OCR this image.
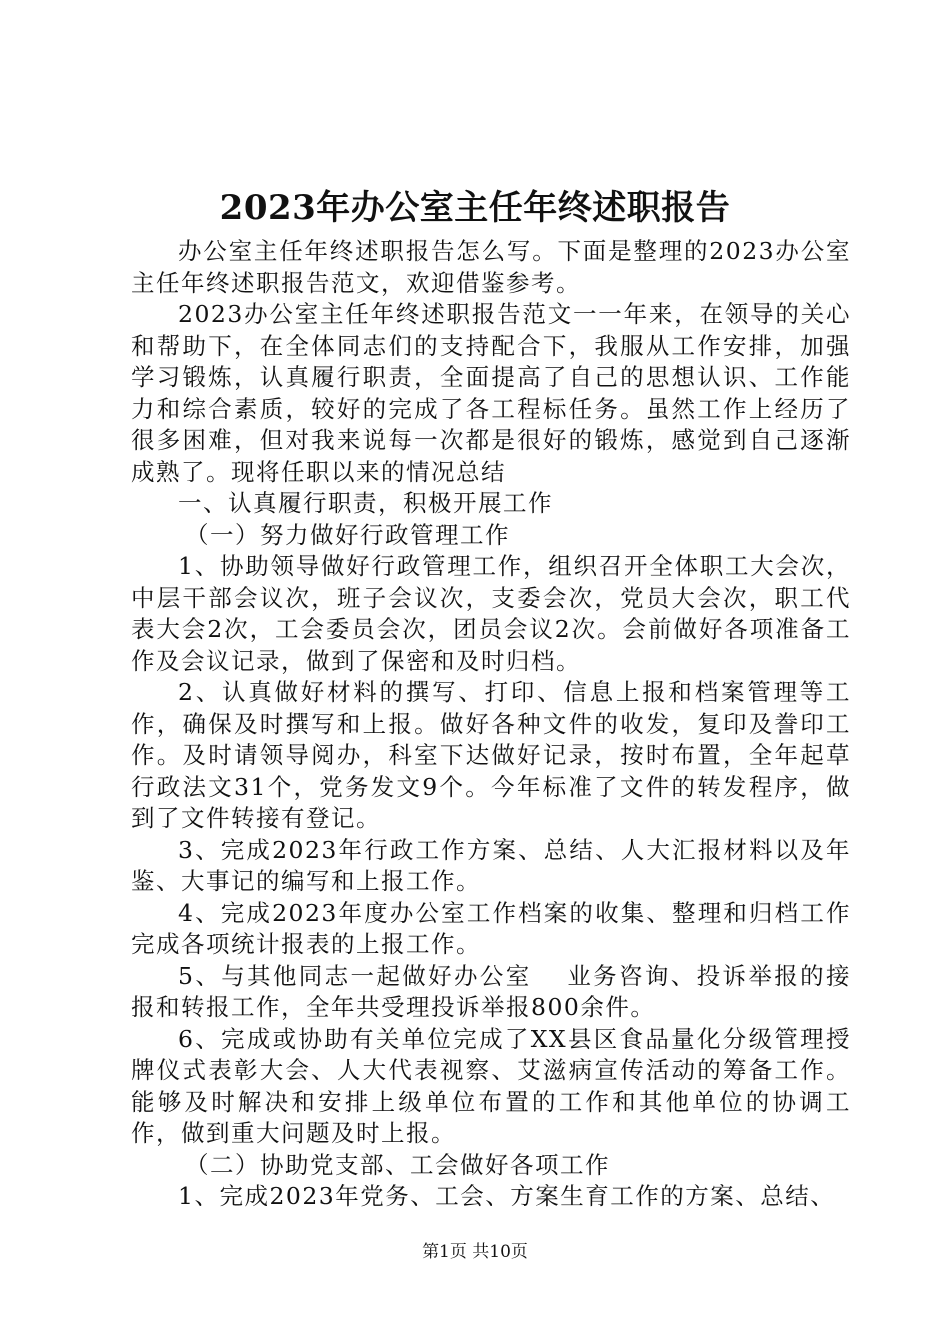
2023年办公室主任年终述职报告

办公室主任年终述职报告怎么写。下面是整理的2023办公室主任年终述职报告范文，欢迎借鉴参考。

2023办公室主任年终述职报告范文一一年来，在领导的关心和帮助下，在全体同志们的支持配合下，我服从工作安排，加强学习锻炼，认真履行职责，全面提高了自己的思想认识、工作能力和综合素质，较好的完成了各工程标任务。虽然工作上经历了很多困难，但对我来说每一次都是很好的锻炼，感觉到自己逐渐成熟了。现将任职以来的情况总结

一、认真履行职责，积极开展工作

（一）努力做好行政管理工作

1、协助领导做好行政管理工作，组织召开全体职工大会次，中层干部会议次，班子会议次，支委会次，党员大会次，职工代表大会2次，工会委员会次，团员会议2次。会前做好各项准备工作及会议记录，做到了保密和及时归档。

2、认真做好材料的撰写、打印、信息上报和档案管理等工作，确保及时撰写和上报。做好各种文件的收发，复印及誊印工作。及时请领导阅办，科室下达做好记录，按时布置，全年起草行政法文31个，党务发文9个。今年标准了文件的转发程序，做到了文件转接有登记。

3、完成2023年行政工作方案、总结、人大汇报材料以及年鉴、大事记的编写和上报工作。

4、完成2023年度办公室工作档案的收集、整理和归档工作完成各项统计报表的上报工作。

5、与其他同志一起做好办公室　 业务咨询、投诉举报的接报和转报工作，全年共受理投诉举报800余件。

6、完成或协助有关单位完成了XX县区食品量化分级管理授牌仪式表彰大会、人大代表视察、艾滋病宣传活动的筹备工作。能够及时解决和安排上级单位布置的工作和其他单位的协调工作，做到重大问题及时上报。

（二）协助党支部、工会做好各项工作

1、完成2023年党务、工会、方案生育工作的方案、总结、

第1页 共10页
